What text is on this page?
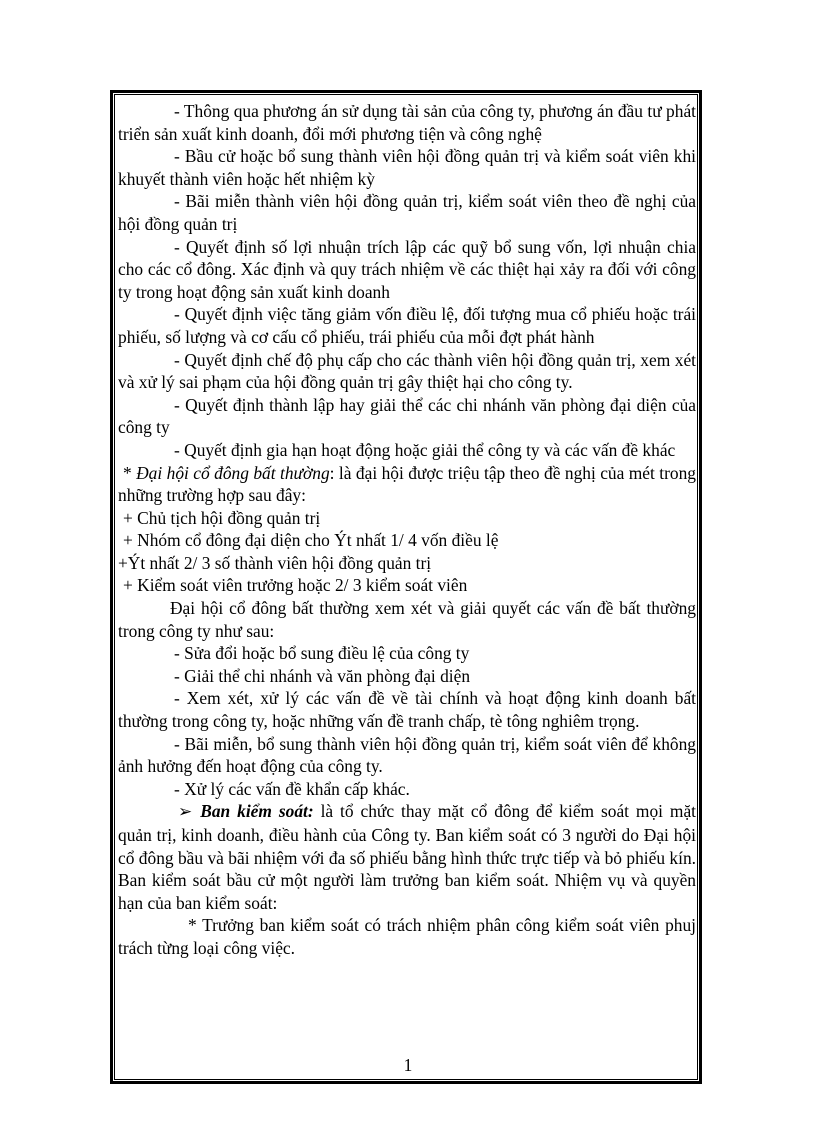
- Thông qua phương án sử dụng tài sản của công ty, phương án đầu tư phát triển sản xuất kinh doanh, đổi mới phương tiện và công nghệ

- Bầu cử hoặc bổ sung thành viên hội đồng quản trị và kiểm soát viên khi khuyết thành viên hoặc hết nhiệm kỳ

- Bãi miễn thành viên hội đồng quản trị, kiểm soát viên theo đề nghị của hội đồng quản trị

- Quyết định số lợi nhuận trích lập các quỹ bổ sung vốn, lợi nhuận chia cho các cổ đông. Xác định và quy trách nhiệm về các thiệt hại xảy ra đối với công ty trong hoạt động sản xuất kinh doanh

- Quyết định việc tăng giảm vốn điều lệ, đối tượng mua cổ phiếu hoặc trái phiếu, số lượng và cơ cấu cổ phiếu, trái phiếu của mỗi đợt phát hành

- Quyết định chế độ phụ cấp cho các thành viên hội đồng quản trị, xem xét và xử lý sai phạm của hội đồng quản trị gây thiệt hại cho công ty.

- Quyết định thành lập hay giải thể các chi nhánh văn phòng đại diện của công ty

- Quyết định gia hạn hoạt động hoặc giải thể công ty và các vấn đề khác

* Đại hội cổ đông bất thường: là đại hội được triệu tập theo đề nghị của mét trong những trường hợp sau đây:

+ Chủ tịch hội đồng quản trị

+ Nhóm cổ đông đại diện cho Ýt nhất 1/ 4 vốn điều lệ

+Ýt nhất 2/ 3 số thành viên hội đồng quản trị

+ Kiểm soát viên trưởng hoặc 2/ 3 kiểm soát viên

Đại hội cổ đông bất thường xem xét và giải quyết các vấn đề bất thường trong công ty như sau:

- Sửa đổi hoặc bổ sung điều lệ của công ty

- Giải thể chi nhánh và văn phòng đại diện

- Xem xét, xử lý các vấn đề về tài chính và hoạt động kinh doanh bất thường trong công ty, hoặc những vấn đề tranh chấp, tè tông nghiêm trọng.

- Bãi miễn, bổ sung thành viên hội đồng quản trị, kiểm soát viên để không ảnh hưởng đến hoạt động của công ty.

- Xử lý các vấn đề khẩn cấp khác.

➢ Ban kiểm soát: là tổ chức thay mặt cổ đông để kiểm soát mọi mặt quản trị, kinh doanh, điều hành của Công ty. Ban kiểm soát có 3 người do Đại hội cổ đông bầu và bãi nhiệm với đa số phiếu bằng hình thức trực tiếp và bỏ phiếu kín. Ban kiểm soát bầu cử một người làm trưởng ban kiểm soát. Nhiệm vụ và quyền hạn của ban kiểm soát:

* Trưởng ban kiểm soát có trách nhiệm phân công kiểm soát viên phuj trách từng loại công việc.

1
